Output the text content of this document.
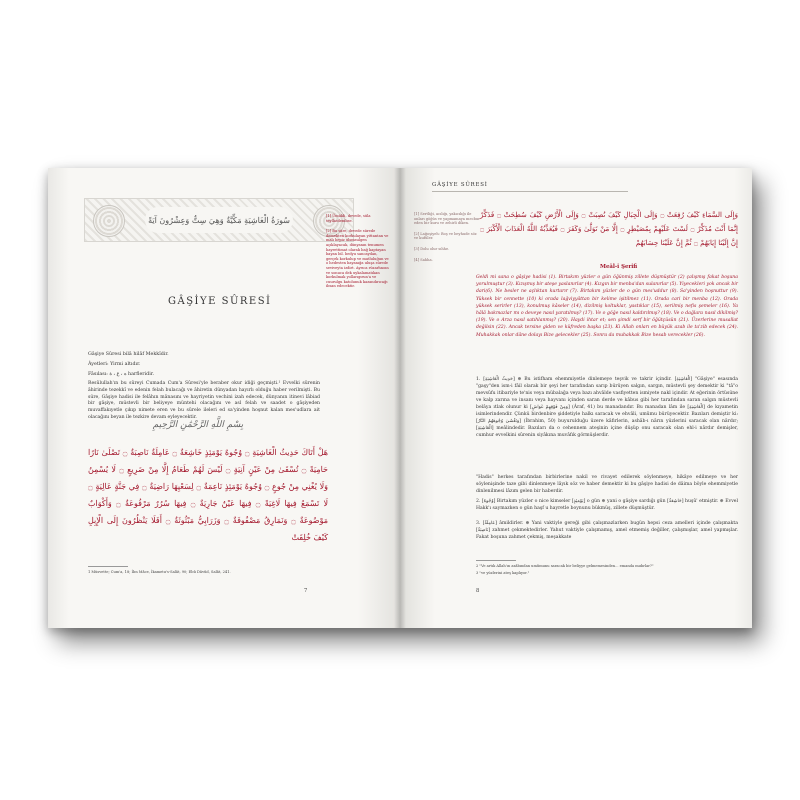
سُورَةُ الْغَاشِيَةِ مَكِّيَّةٌ وَهِيَ سِتٌّ وَعِشْرُونَ آيَةً	[1] Ümükli, devede, süla teyllatdembse.
[2] Bu süre, devede sürede demekten korkulayan yittantan ve malı hepiz ulsmsulgen açıklayacak, dünyanın tenumen hayrettimat olarak bağ kaptayan bayan bil. bedyu sancaydan, gerçek korkulup ve mutluluğun ve o hedesten bayanığa uluşa sürede seviveyta izdirt. Ayrıca rüzarhnoın ve sonuca dek uykalamatıkan korkulmak yollarıgırun'a ve cuurulgu katolunuk kazandırıcağı ibsan edecektir.
GÂŞİYE SÛRESİ
Gâşiye Sûresi bilâ hilâf Mekkîdir.
Âyetleri: Yirmi altıdır.
Fâsılası: ه ، ع ، ة harfleridir.
Resûlullah'ın bu sûreyi Cumada Cum'a Sûresi'yle beraber okur idiği geçmişti.¹ Evvelki sûrenin âhirinde tezekkî ve edenin felah bulacağı ve âhiretin dünyadan hayırlı olduğu haber verilmişti. Bu süre, Gâşiye hadisi ile felâhın mânasını ve hayriyetin vechini izah edecek, dünyanın itinevi lâbiad bir gâşiye, müstevli bir beliyeye müntehi olacağını ve asl felah ve saadet o gâşiyeden muvaffakıyetle çıkıp nimete eren ve bu sûrele ileleri ed sa'yinden hoşnut kalan mes'udlara ait olacağını beyan ile tezkire devam eyleyecektir.
بِسْمِ اللَّهِ الرَّحْمَٰنِ الرَّحِيمِ
هَلْ أَتَاكَ حَدِيثُ الْغَاشِيَةِ ۝ وُجُوهٌ يَوْمَئِذٍ خَاشِعَةٌ ۝ عَامِلَةٌ نَاصِبَةٌ ۝ تَصْلَىٰ نَارًا حَامِيَةً ۝ تُسْقَىٰ مِنْ عَيْنٍ آنِيَةٍ ۝ لَيْسَ لَهُمْ طَعَامٌ إِلَّا مِنْ ضَرِيعٍ ۝ لَا يُسْمِنُ وَلَا يُغْنِي مِنْ جُوعٍ ۝ وُجُوهٌ يَوْمَئِذٍ نَاعِمَةٌ ۝ لِسَعْيِهَا رَاضِيَةٌ ۝ فِي جَنَّةٍ عَالِيَةٍ ۝ لَا تَسْمَعُ فِيهَا لَاغِيَةً ۝ فِيهَا عَيْنٌ جَارِيَةٌ ۝ فِيهَا سُرُرٌ مَرْفُوعَةٌ ۝ وَأَكْوَابٌ مَوْضُوعَةٌ ۝ وَنَمَارِقُ مَصْفُوفَةٌ ۝ وَزَرَابِيُّ مَبْثُوثَةٌ ۝ أَفَلَا يَنْظُرُونَ إِلَى الْإِبِلِ كَيْفَ خُلِقَتْ
1 Müsvette; Cum'a, 18; İbn Mâce, İkametu's-Salât, 90; Ebû Dâvûd, Salât, 241.
7
GÂŞİYE SÛRESİ
[1] Sertliği, acılığı, yakıcılığı ile onları göğüs ve yapmamaya mecbur eden bir kuru ve zehirli diken.
[2] Lağoşiyeh: Boş ve beyhude söz ve kufüler.
[3] Dolu olur sıhhe.
[4] Sahha.
وَإِلَى السَّمَاءِ كَيْفَ رُفِعَتْ ۝ وَإِلَى الْجِبَالِ كَيْفَ نُصِبَتْ ۝ وَإِلَى الْأَرْضِ كَيْفَ سُطِحَتْ ۝ فَذَكِّرْ إِنَّمَا أَنْتَ مُذَكِّرٌ ۝ لَسْتَ عَلَيْهِمْ بِمُصَيْطِرٍ ۝ إِلَّا مَنْ تَوَلَّىٰ وَكَفَرَ ۝ فَيُعَذِّبُهُ اللَّهُ الْعَذَابَ الْأَكْبَرَ ۝ إِنَّ إِلَيْنَا إِيَابَهُمْ ۝ ثُمَّ إِنَّ عَلَيْنَا حِسَابَهُمْ
Meâl-i Şerifi
Geldi mi sana o gâşiye hadisi (1). Birtakım yüzler o gün öğünmiş zillete düşmüştür (2) çalışmış fakat boşuna yorulmuştur (3). Kızışmış bir ateşe yaslanırlar (4). Kızgın bir menba'dan sulanırlar (5). Yiyecekleri yok ancak bir dari(6). Ne besler ne açlıktan kurtarır (7). Birtakım yüzler de o gün mes'uddur (8). Sa'yinden hoşnuttur (9). Yüksek bir cennette (10) ki orada lağviyyâttan bir kelime işitilmez (11). Orada cari bir menba (12). Orada yüksek serirler (13), konulmuş kâseler (14), dizilmiş koltuklar, yastıklar (15), serilmiş nefis şemeler (16). Ya hâlâ bakmazlar mı o deveye nasıl yaratılmış? (17). Ve o göğe nasıl kaldırılmış? (18). Ve o dağlara nasıl dikilmiş? (19). Ve o Arza nasıl satıhlanmış? (20). Haydi ihtar et; sen şimdi serf bir öğütçüsün (21). Üzerlerine musallat değilsin (22). Ancak tersine giden ve küfreden başka (23). Ki Allah onları en büyük azab ile ta'zib edecek (24). Muhakkak onlar dâne dolayı Bize gelecekler (25). Sonra da muhakkak Bize hesab verecekler (26).
1. [حَدِيثُ الْغَاشِيَةِ] ⊕ Bu istifham ehemmiyetle dinlemeye teşvik ve takrir içindir. [الْغَاشِيَةِ] "Gâşiye" esasında "gaşy"den ism-i fâil olarak bir şeyi her tarafından sarıp bürüyen salgın, sargın, müstevli şey demektir ki "tâ"o mevsûfu itibariyle te'nis veya mübalağa veya bazı ahvâlde vasfiyetten ismiyete nakl içindir. At eğerinin örtüsüne ve kalp zarına ve insanı veya hayvanı içinden saran derde ve kâbus gibi her tarafından saran salgın müstevli belâya ıtlak olunur ki [وَمِنْ فَوْقِهِمْ غَوَاشٍ] (Âraf, 41) bu manadandır. Bu manadan lâm ile [الْغَاشِيَةِ] de kıyametin isimlerindendir. Çünkü birdenbire şiddetiyle halkı saracak ve ehvâli, umûmu bürüyecektir. Bazıları demiştir ki: [وَتَغْشَىٰ وُجُوهَهُمُ النَّارُ] (İbrahim, 50) buyurulduğu üzere kâfirlerin, ashâb-ı nârın yüzlerini saracak olan nârdır; [الْغَاشِيَةِ] meâlindedir. Bazıları da o cehennem ateşinin içine düşüp onu saracak olan ehl-i nârdır demişler, cumhur evvelkini sûrenin siyâkına muvâfık görmüşlerdir.
"Hadis" herkes tarafından birbirlerine nakil ve rivayet edilerek söylenmeye, hikâye edilmeye ve her söylenişinde taze gibi dinlenmeye lâyık söz ve haber demektir ki bu gâşiye hadisi de dâima böyle ehemmiyetle dinlenilmesi lâzım gelen bir haberdir.
2. [وُجُوهٌ] Birtakım yüzler o nice kimseler [يَوْمَئِذٍ] o gün ⊕ yani o gâşiye sardığı gün [خَاشِعَةٌ] huşû' etmiştir. ⊕ Evvel Hakk'ı saymazken o gün haşf u hayretle boynunu bükmüş, zillete düşmüştür.
3. [عَامِلَةٌ] âmildirler. ⊕ Yani vaktiyle gereği gibi çalışmazlarken bugün hepsi ceza amelleri içinde çalışmakta [نَاصِبَةٌ] zahmet çekmektedirler. Yahut vaktiyle çalışmamış, amel etmemiş değiller, çalışmışlar, amel yapmışlar. Fakat boşuna zahmet çekmiş, meşakkate
2 "Ve artık Allah'ın azâbından umûmunu saracak bir beliyye gelmemesinden... emanda mıdırlar?"
3 "ve yüzlerini ateş kaplıyor."
8
